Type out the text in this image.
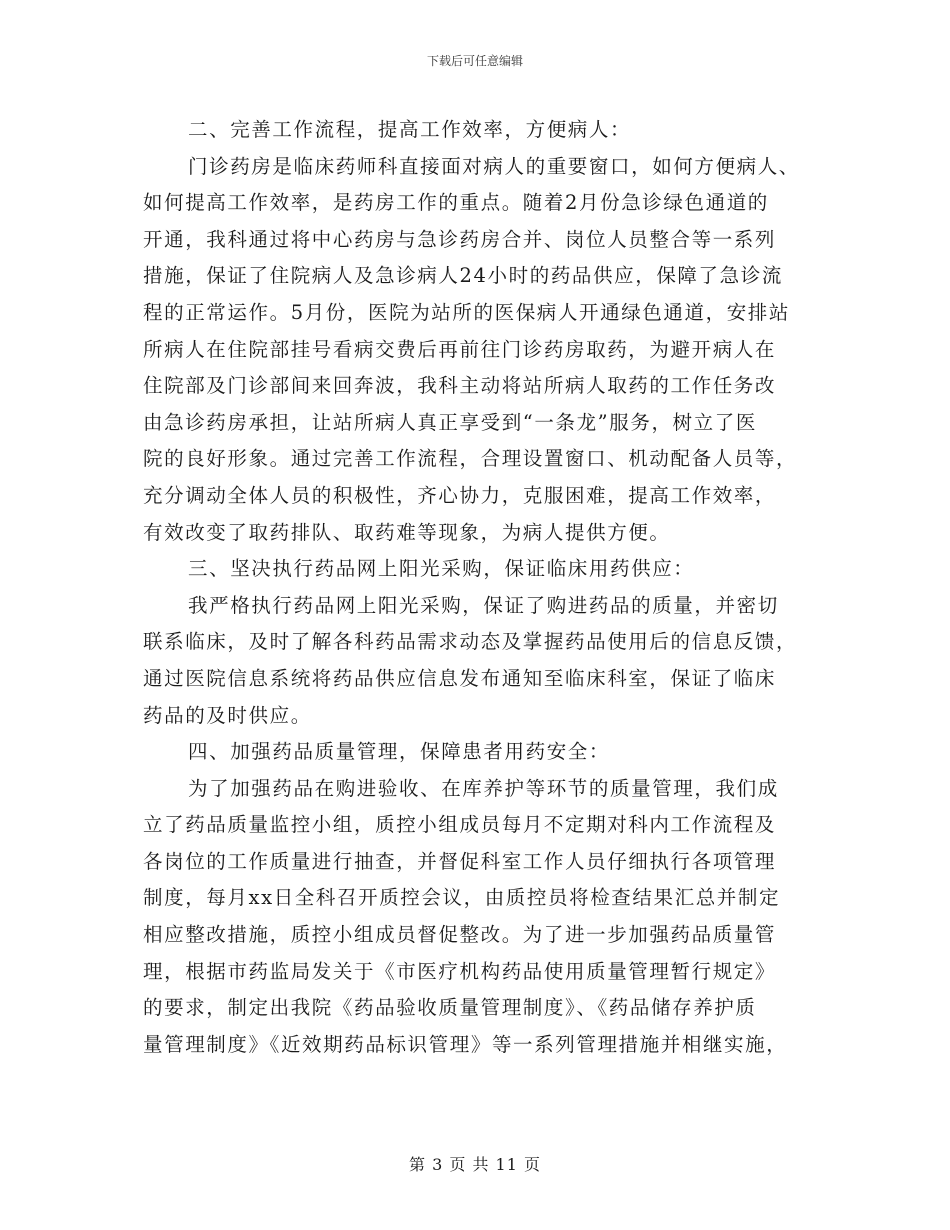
下载后可任意编辑
二、完善工作流程，提高工作效率，方便病人：
门诊药房是临床药师科直接面对病人的重要窗口，如何方便病人、
如何提高工作效率，是药房工作的重点。随着2月份急诊绿色通道的
开通，我科通过将中心药房与急诊药房合并、岗位人员整合等一系列
措施，保证了住院病人及急诊病人24小时的药品供应，保障了急诊流
程的正常运作。5月份，医院为站所的医保病人开通绿色通道，安排站
所病人在住院部挂号看病交费后再前往门诊药房取药，为避开病人在
住院部及门诊部间来回奔波，我科主动将站所病人取药的工作任务改
由急诊药房承担，让站所病人真正享受到“一条龙”服务，树立了医
院的良好形象。通过完善工作流程，合理设置窗口、机动配备人员等，
充分调动全体人员的积极性，齐心协力，克服困难，提高工作效率，
有效改变了取药排队、取药难等现象，为病人提供方便。
三、坚决执行药品网上阳光采购，保证临床用药供应：
我严格执行药品网上阳光采购，保证了购进药品的质量，并密切
联系临床，及时了解各科药品需求动态及掌握药品使用后的信息反馈，
通过医院信息系统将药品供应信息发布通知至临床科室，保证了临床
药品的及时供应。
四、加强药品质量管理，保障患者用药安全：
为了加强药品在购进验收、在库养护等环节的质量管理，我们成
立了药品质量监控小组，质控小组成员每月不定期对科内工作流程及
各岗位的工作质量进行抽查，并督促科室工作人员仔细执行各项管理
制度，每月xx日全科召开质控会议，由质控员将检查结果汇总并制定
相应整改措施，质控小组成员督促整改。为了进一步加强药品质量管
理，根据市药监局发关于《市医疗机构药品使用质量管理暂行规定》
的要求，制定出我院《药品验收质量管理制度》、《药品储存养护质
量管理制度》《近效期药品标识管理》等一系列管理措施并相继实施，
第 3 页 共 11 页
